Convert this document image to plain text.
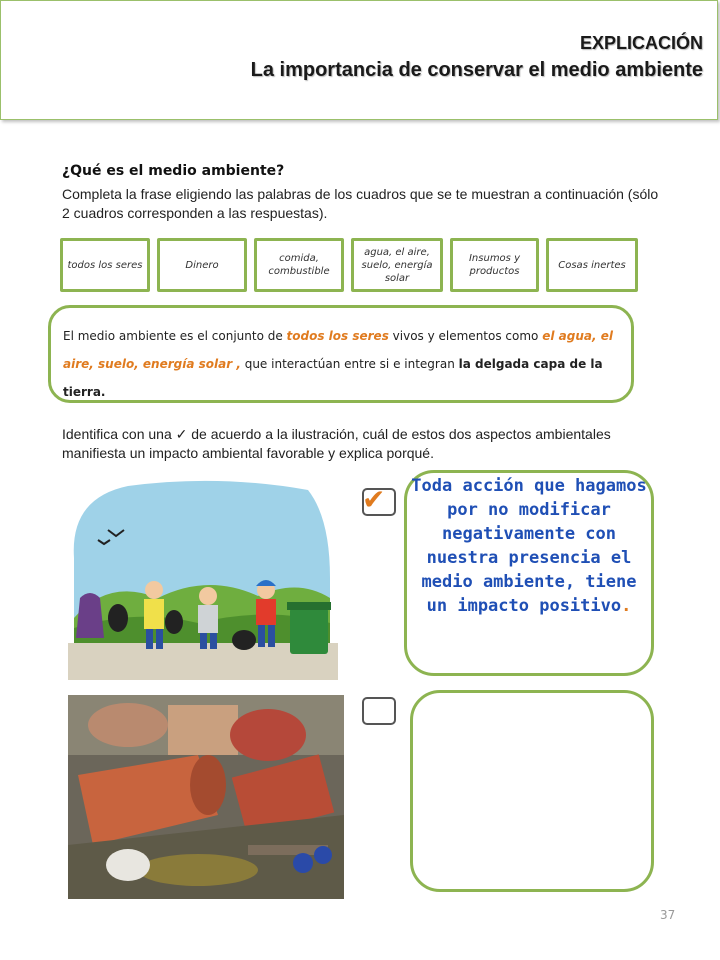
EXPLICACIÓN
La importancia de conservar el medio ambiente
¿Qué es el medio ambiente?
Completa la frase eligiendo las palabras de los cuadros que se te muestran a continuación (sólo 2 cuadros corresponden a las respuestas).
todos los seres	Dinero
comida, combustible
agua, el aire, suelo, energía solar
Insumos y productos
Cosas inertes
El medio ambiente es el conjunto de todos los seres vivos y elementos como el agua, el aire, suelo, energía solar , que interactúan entre si e integran la delgada capa de la tierra.
Identifica con una ✓ de acuerdo a la ilustración, cuál de estos dos aspectos ambientales manifiesta un impacto ambiental favorable y explica porqué.
✔ Toda acción que hagamos por no modificar negativamente con nuestra presencia el medio ambiente, tiene un impacto positivo.
37
